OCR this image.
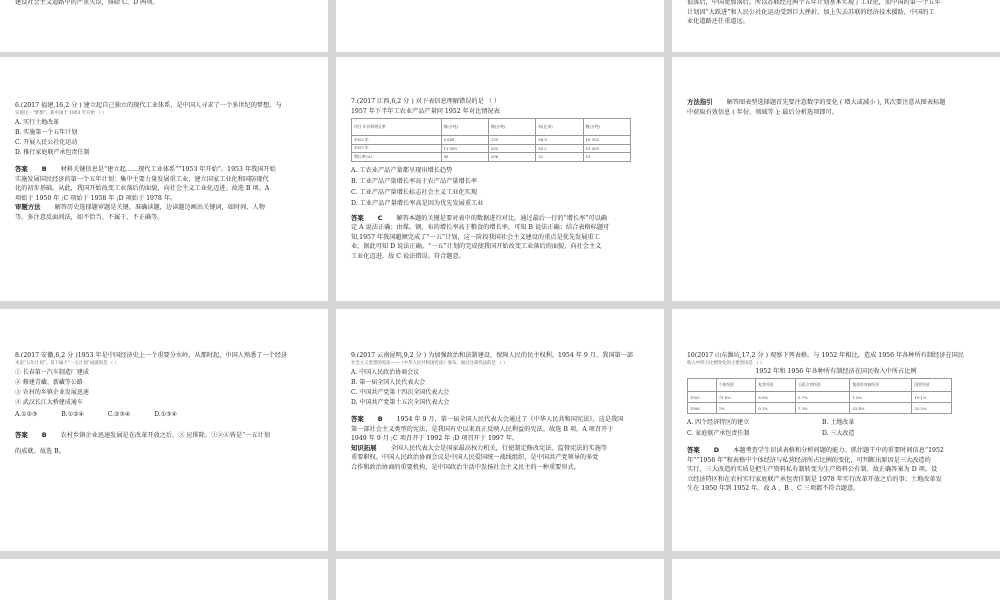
建设社会主义道路中的严重失误，排除 C、D 两项。	很落后，中国更加落后。所以苏联经过两个五年计划基本实现了工业化，而中国的第一个五年

计划因“大跃进”和人民公社化运动受到巨大挫折，加上失去苏联的经济技术援助，中国的工

业化道路还任重道远。

6.(2017 福建,16,2 分 ) 建立起自己独立的现代工业体系，是中国人寻求了一个多世纪的梦想。与

实现这一“梦想”，新中国于 1953 年开始 （ ）

A. 实行土地改革

B. 实施第一个五年计划

C. 开展人民公社化运动

D. 推行家庭联产承包责任制

答案 B 材料关键信息是“建立起……现代工业体系”“1953 年开始”。1953 年我国开始

实施发展国民经济的第一个五年计划：集中主要力量发展重工业，建立国家工业化和国防现代

化的初步基础。从此，我国开始改变工业落后的面貌，向社会主义工业化迈进。故选 B 项。A

项始于 1950 年 ;C 项始于 1958 年 ;D 项始于 1978 年。

审题方法 解答历史选择题审题是关键。准确读题，边读题边画出关键词，如时间、人物

等。多注意反面问法，如不恰当、不属于、不正确等。

7.(2017 江西,6,2 分 ) 对下表信息理解错误的是 （ ）

1957 年下半年工农业产品产量同 1952 年对比情况表

项目 年份和增长率	钢(万吨)	钢(万吨)	布(亿米)	粮(万吨)
1952 年	6 649	135	38.3	16 392
1957 年	13 000	535	50.5	19 505
增长率(%)	96	296	32	19

A. 工农业产品产量都呈现出增长趋势

B. 工业产品产量增长率高于农产品产量增长率

C. 工业产品产量增长标志社会主义工业化实现

D. 工业产品产量增长率高是因为优先发展重工业

答案 C 解答本题的关键是要对表中的数据进行对比。通过最后一行的“增长率”可以确

定 A 说法正确；由煤、钢、布的增长率高于粮食的增长率，可知 B 说法正确；结合表格标题可

知,1957 年我国超额完成了“一五”计划，这一阶段我国社会主义建设的重点是优先发展重工

业，据此可知 D 说法正确。“一五”计划的完成使我国开始改变工业落后的面貌，向社会主义

工业化迈进，故 C 说法错误。符合题意。

方法指引 解答图表型选择题首先要注意数字的变化 ( 增大或减小 ), 其次要注意从图表标题

中获取有效信息 ( 年份、领域等 ); 最后分析选项即可。

8.(2017 安徽,6,2 分 )1953 年是中国经济史上一个重要分水岭，从那时起，中国人熟悉了一个经济

术语“五年计划”。以下属于“一五计划”成就的是 （ ）

① 长春第一汽车制造厂建成

② 修建青藏、新藏等公路

③ 农村的乡镇企业发展迅速

④ 武汉长江大桥建成通车

A.①②③	B.①②④	C.②③④	D.①③④

答案 B 农村乡镇企业迅速发展是在改革开放之后，③ 应排除。①②④皆是“一五计划

的成就。故选 B。

9.(2017 云南昆明,9,2 分 ) 为加强政治和法制建设，保障人民的民主权利，1954 年 9 月，我国第一部

社会主义类型的宪法——《中华人民共和国宪法》颁布。通过这部宪法的是 （ ）

A. 中国人民政治协商会议

B. 第一届全国人民代表大会

C. 中国共产党第十四次全国代表大会

D. 中国共产党第十五次全国代表大会

答案 B 1954 年 9 月，第一届全国人民代表大会通过了《中华人民共和国宪法》，这是我国

第一部社会主义类型的宪法，是我国有史以来真正反映人民利益的宪法。故选 B 项。A 项召开于

1949 年 9 月 ;C 项召开于 1992 年 ;D 项召开于 1997 年。

知识拓展 全国人民代表大会是国家最高权力机关，行使制定修改宪法、监督宪法的实施等

重要职权。中国人民政治协商会议是中国人民爱国统一战线组织，是中国共产党领导的多党

合作和政治协商的重要机构，是中国政治生活中发扬社会主义民主的一种重要形式。

10(2017 山东潍坊,17,2 分 ) 观察下列表格。与 1952 年相比，造成 1956 年各种所有制经济在国民

收入中所占比例变化的主要原因是 （ ）

1952 年和 1956 年各种所有制经济在国民收入中所占比例

	个体经济	私营经济	公私合营经济	集体所有制经济	国营经济
1952	71.8%	6.9%	0.7%	1.5%	19.1%
1956	7%	0.1%	7.3%	53.4%	32.2%
A. 四个经济特区的建立	B. 土地改革
C. 家庭联产承包责任制	D. 三大改造

答案 D 本题考查学生识读表格和分析问题的能力。抓住题干中的重要时间信息“1952

年”“1956 年”和表格中个体经济与私营经济所占比例的变化，可判断出原因是三大改造的

实行。三大改造的实质是把生产资料私有制转变为生产资料公有制。故正确答案为 D 项。设

立经济特区和在农村实行家庭联产承包责任制是 1978 年实行改革开放之后的事；土地改革发

生在 1950 年到 1952 年。故 A 、B 、C 三项都不符合题意。
